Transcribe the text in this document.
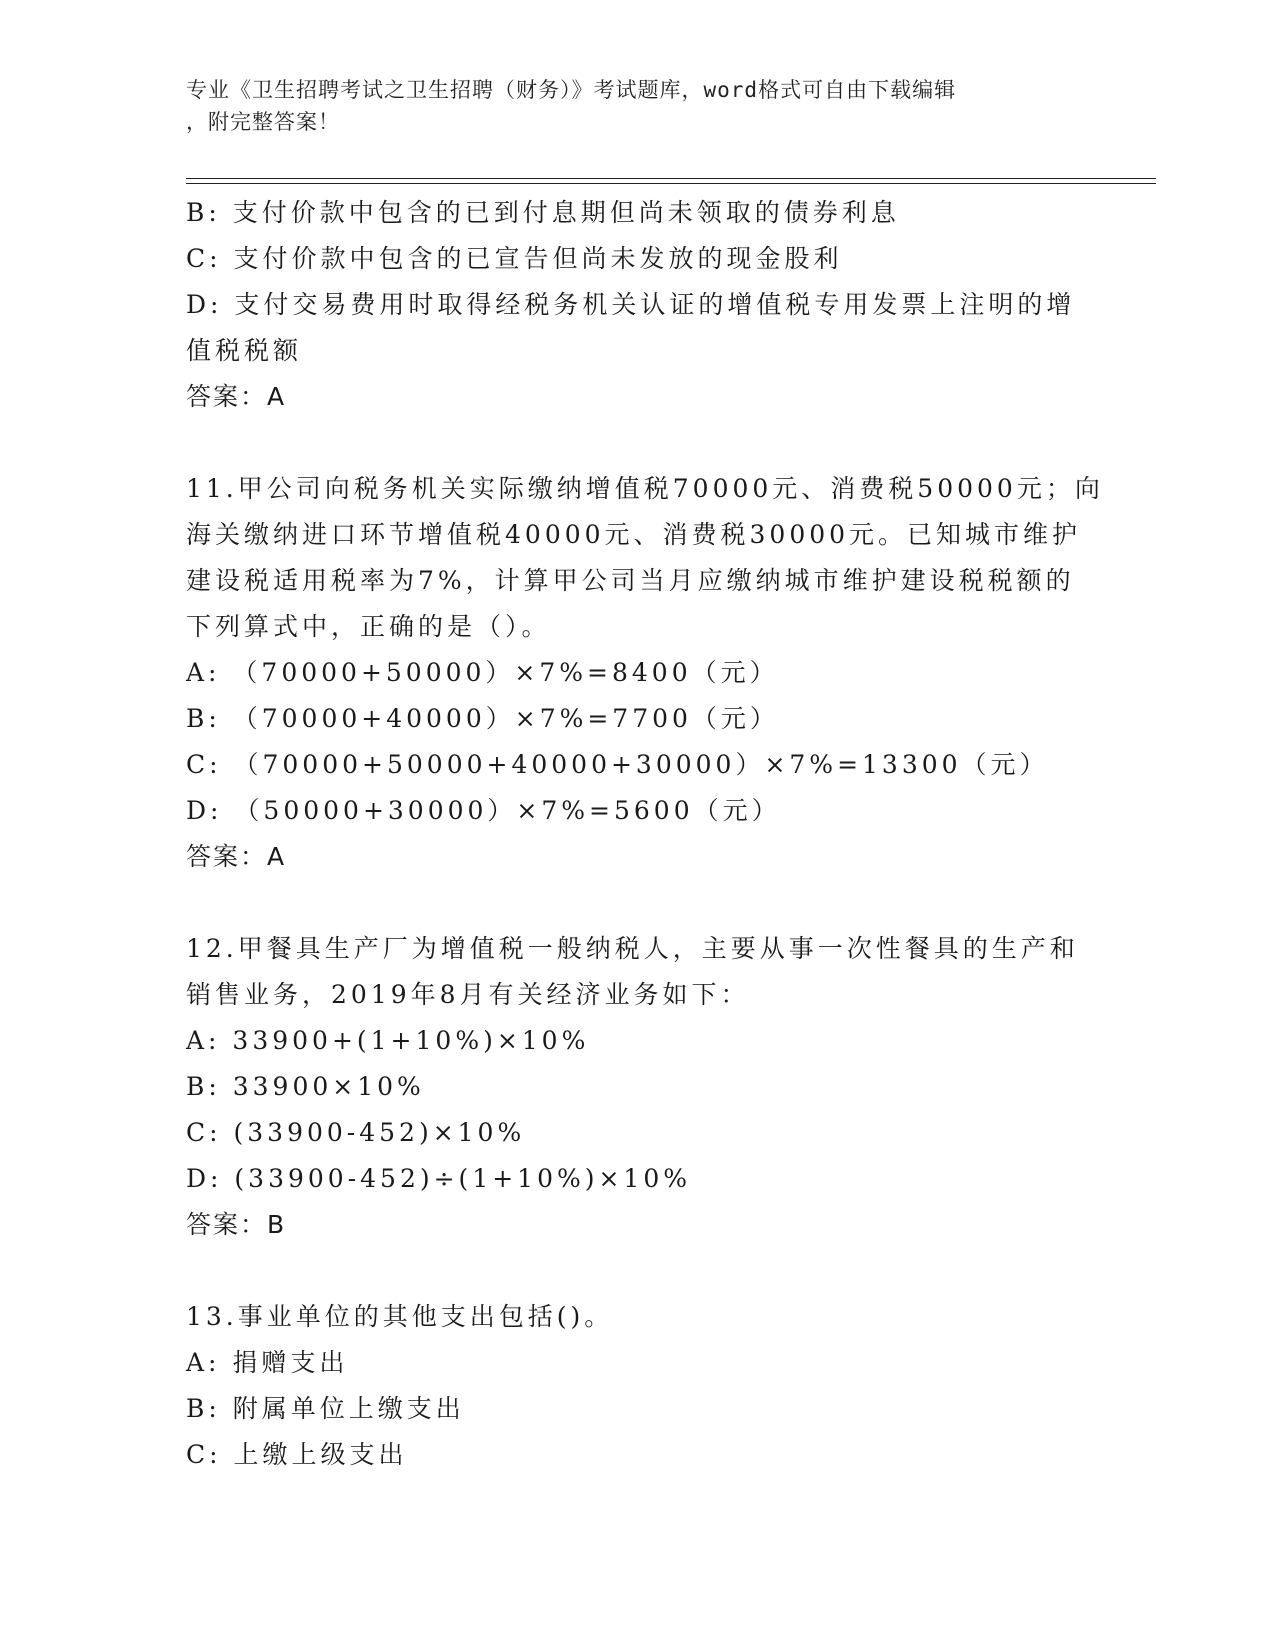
专业《卫生招聘考试之卫生招聘（财务）》考试题库，word格式可自由下载编辑
，附完整答案！

B: 支付价款中包含的已到付息期但尚未领取的债券利息

C: 支付价款中包含的已宣告但尚未发放的现金股利

D: 支付交易费用时取得经税务机关认证的增值税专用发票上注明的增

值税税额

答案：A

11.甲公司向税务机关实际缴纳增值税70000元、消费税50000元；向

海关缴纳进口环节增值税40000元、消费税30000元。已知城市维护

建设税适用税率为7%，计算甲公司当月应缴纳城市维护建设税税额的

下列算式中，正确的是（）。

A: （70000+50000）×7%=8400（元）

B: （70000+40000）×7%=7700（元）

C: （70000+50000+40000+30000）×7%=13300（元）

D: （50000+30000）×7%=5600（元）

答案：A

12.甲餐具生产厂为增值税一般纳税人，主要从事一次性餐具的生产和

销售业务，2019年8月有关经济业务如下：

A: 33900+(1+10%)×10%

B: 33900×10%

C: (33900-452)×10%

D: (33900-452)÷(1+10%)×10%

答案：B

13.事业单位的其他支出包括()。

A: 捐赠支出

B: 附属单位上缴支出

C: 上缴上级支出
